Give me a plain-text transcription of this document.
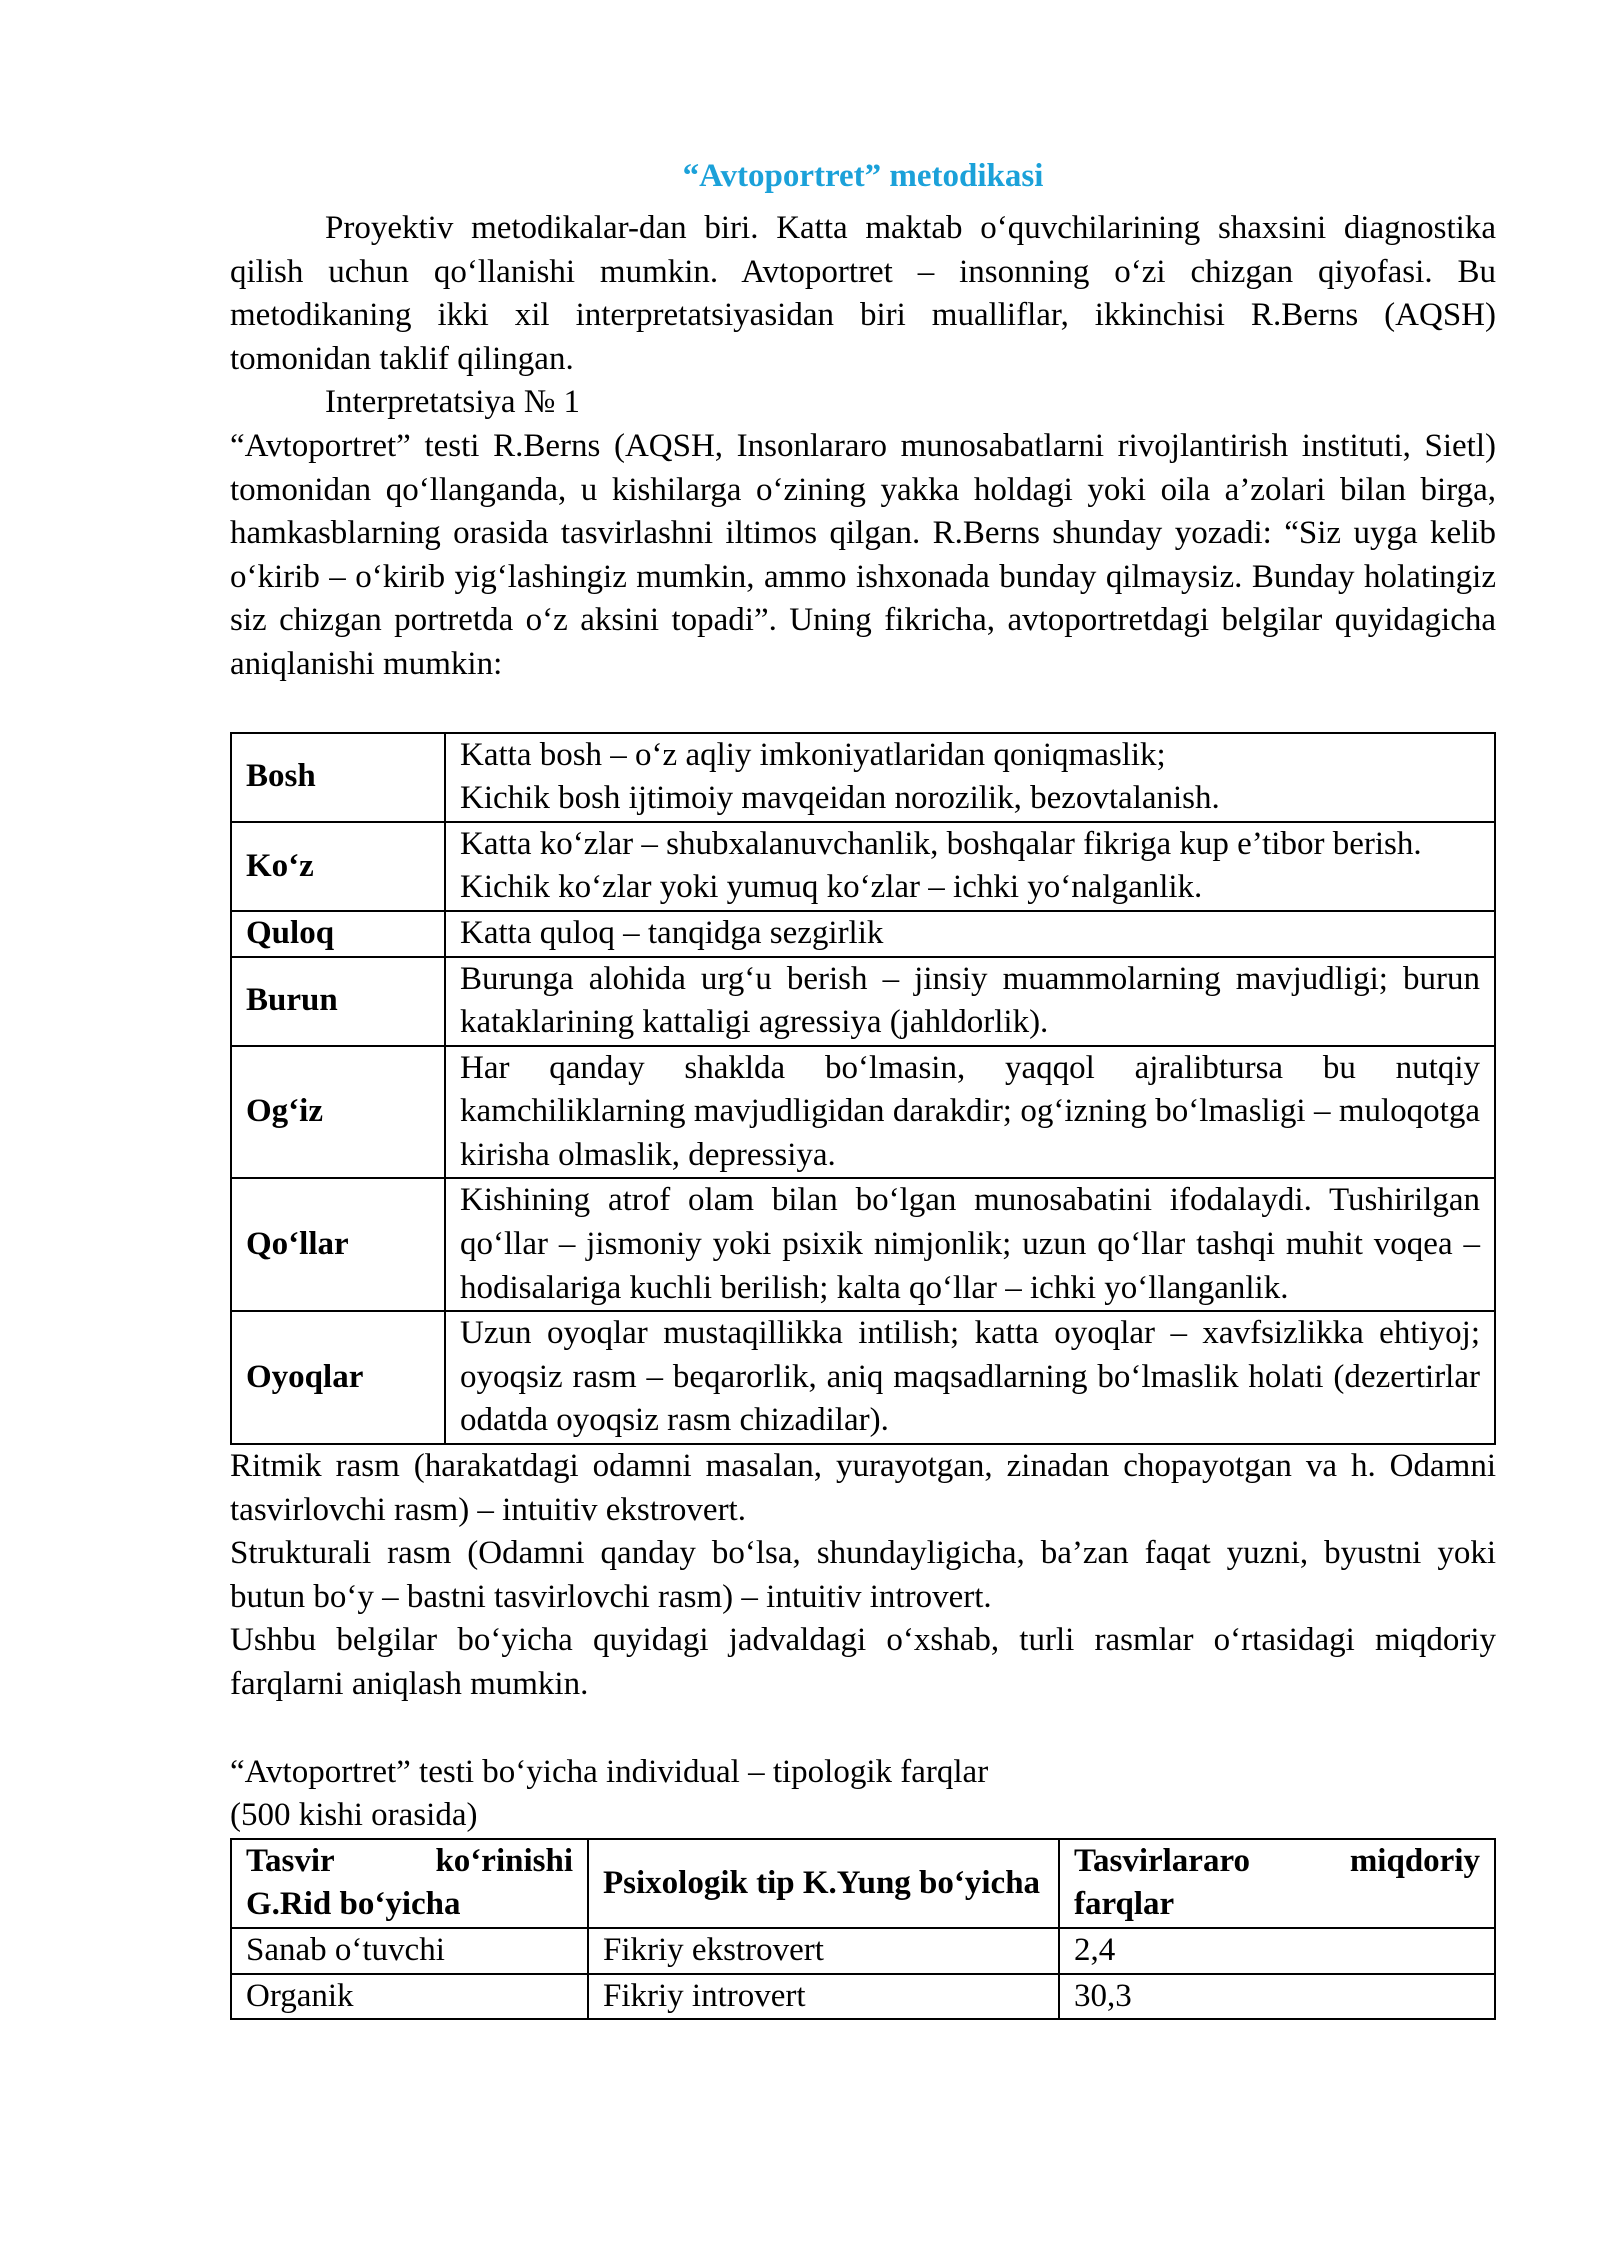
“Avtoportret” metodikasi

Proyektiv metodikalar-dan biri. Katta maktab o‘quvchilarining shaxsini diagnostika qilish uchun qo‘llanishi mumkin. Avtoportret – insonning o‘zi chizgan qiyofasi. Bu metodikaning ikki xil interpretatsiyasidan biri mualliflar, ikkinchisi R.Berns (AQSH) tomonidan taklif qilingan.

Interpretatsiya № 1

“Avtoportret” testi R.Berns (AQSH, Insonlararo munosabatlarni rivojlantirish instituti, Sietl) tomonidan qo‘llanganda, u kishilarga o‘zining yakka holdagi yoki oila a’zolari bilan birga, hamkasblarning orasida tasvirlashni iltimos qilgan. R.Berns shunday yozadi: “Siz uyga kelib o‘kirib – o‘kirib yig‘lashingiz mumkin, ammo ishxonada bunday qilmaysiz. Bunday holatingiz siz chizgan portretda o‘z aksini topadi”. Uning fikricha, avtoportretdagi belgilar quyidagicha aniqlanishi mumkin:

Bosh	Katta bosh – o‘z aqliy imkoniyatlaridan qoniqmaslik;
Kichik bosh ijtimoiy mavqeidan norozilik, bezovtalanish.

Ko‘z	Katta ko‘zlar – shubxalanuvchanlik, boshqalar fikriga kup e’tibor berish.
Kichik ko‘zlar yoki yumuq ko‘zlar – ichki yo‘nalganlik.

Quloq	Katta quloq – tanqidga sezgirlik

Burun	Burunga alohida urg‘u berish – jinsiy muammolarning mavjudligi; burun kataklarining kattaligi agressiya (jahldorlik).

Og‘iz	Har qanday shaklda bo‘lmasin, yaqqol ajralibtursa bu nutqiy kamchiliklarning mavjudligidan darakdir; og‘izning bo‘lmasligi – muloqotga kirisha olmaslik, depressiya.

Qo‘llar	Kishining atrof olam bilan bo‘lgan munosabatini ifodalaydi. Tushirilgan qo‘llar – jismoniy yoki psixik nimjonlik; uzun qo‘llar tashqi muhit voqea – hodisalariga kuchli berilish; kalta qo‘llar – ichki yo‘llanganlik.

Oyoqlar	Uzun oyoqlar mustaqillikka intilish; katta oyoqlar – xavfsizlikka ehtiyoj; oyoqsiz rasm – beqarorlik, aniq maqsadlarning bo‘lmaslik holati (dezertirlar odatda oyoqsiz rasm chizadilar).

Ritmik rasm (harakatdagi odamni masalan, yurayotgan, zinadan chopayotgan va h. Odamni tasvirlovchi rasm) – intuitiv ekstrovert.

Strukturali rasm (Odamni qanday bo‘lsa, shundayligicha, ba’zan faqat yuzni, byustni yoki butun bo‘y – bastni tasvirlovchi rasm) – intuitiv introvert.

Ushbu belgilar bo‘yicha quyidagi jadvaldagi o‘xshab, turli rasmlar o‘rtasidagi miqdoriy farqlarni aniqlash mumkin.

“Avtoportret” testi bo‘yicha individual – tipologik farqlar
(500 kishi orasida)
Tasvir ko‘rinishi G.Rid bo‘yicha	Psixologik tip K.Yung bo‘yicha	Tasvirlararo miqdoriy farqlar
Sanab o‘tuvchi	Fikriy ekstrovert	2,4
Organik	Fikriy introvert	30,3
